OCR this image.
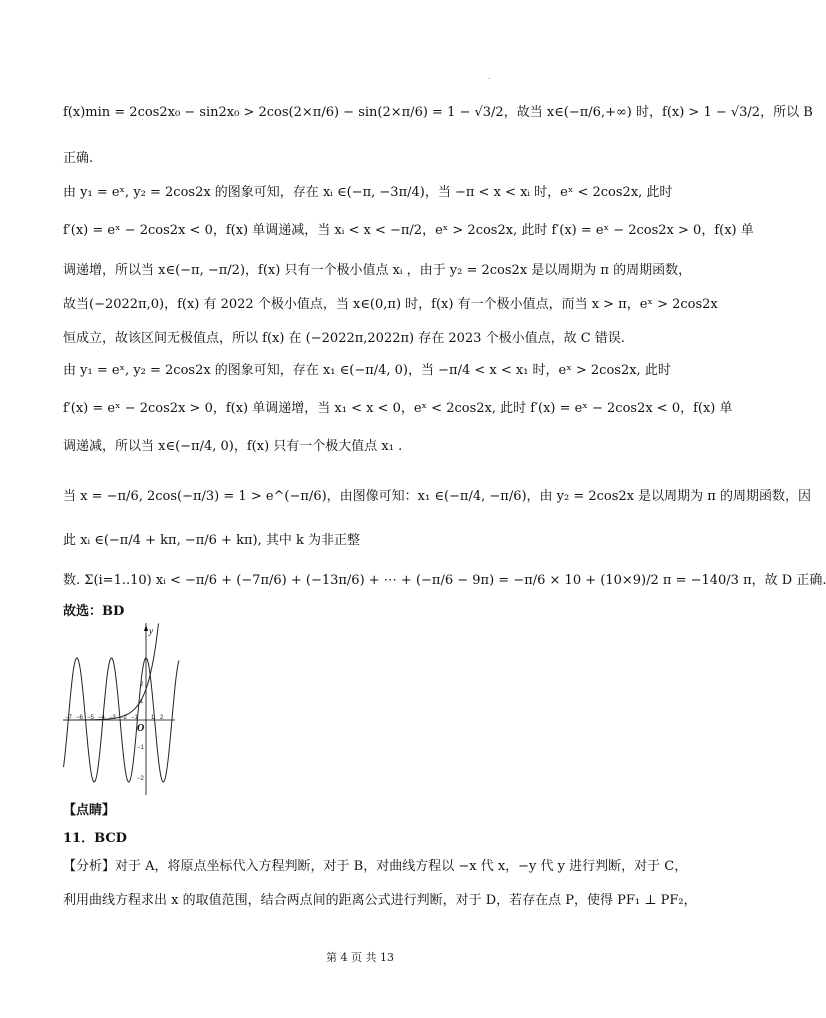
.
f(x)min = 2cos2x₀ − sin2x₀ > 2cos(2×π/6) − sin(2×π/6) = 1 − √3/2，故当 x∈(−π/6,+∞) 时，f(x) > 1 − √3/2，所以 B
正确.
由 y₁ = eˣ, y₂ = 2cos2x 的图象可知，存在 xᵢ ∈(−π, −3π/4)，当 −π < x < xᵢ 时，eˣ < 2cos2x, 此时
f′(x) = eˣ − 2cos2x < 0，f(x) 单调递减，当 xᵢ < x < −π/2，eˣ > 2cos2x, 此时 f′(x) = eˣ − 2cos2x > 0，f(x) 单
调递增，所以当 x∈(−π, −π/2)，f(x) 只有一个极小值点 xᵢ ，由于 y₂ = 2cos2x 是以周期为 π 的周期函数，
故当(−2022π,0)，f(x) 有 2022 个极小值点，当 x∈(0,π) 时，f(x) 有一个极小值点，而当 x > π，eˣ > 2cos2x
恒成立，故该区间无极值点，所以 f(x) 在 (−2022π,2022π) 存在 2023 个极小值点，故 C 错误.
由 y₁ = eˣ, y₂ = 2cos2x 的图象可知，存在 x₁ ∈(−π/4, 0)，当 −π/4 < x < x₁ 时，eˣ > 2cos2x, 此时
f′(x) = eˣ − 2cos2x > 0，f(x) 单调递增，当 x₁ < x < 0，eˣ < 2cos2x, 此时 f′(x) = eˣ − 2cos2x < 0，f(x) 单
调递减，所以当 x∈(−π/4, 0)，f(x) 只有一个极大值点 x₁ .
当 x = −π/6, 2cos(−π/3) = 1 > e^(−π/6)，由图像可知：x₁ ∈(−π/4, −π/6)，由 y₂ = 2cos2x 是以周期为 π 的周期函数，因
此 xᵢ ∈(−π/4 + kπ, −π/6 + kπ), 其中 k 为非正整
数. Σ(i=1..10) xᵢ < −π/6 + (−7π/6) + (−13π/6) + ⋯ + (−π/6 − 9π) = −π/6 × 10 + (10×9)/2 π = −140/3 π，故 D 正确.
故选：BD
y
O
−7 −6 −5 −4 −3 −2 −1 1 2
2
1
−1
−2
【点睛】
11．BCD
【分析】对于 A，将原点坐标代入方程判断，对于 B，对曲线方程以 −x 代 x，−y 代 y 进行判断，对于 C，
利用曲线方程求出 x 的取值范围，结合两点间的距离公式进行判断，对于 D，若存在点 P，使得 PF₁ ⊥ PF₂，
第 4 页 共 13
